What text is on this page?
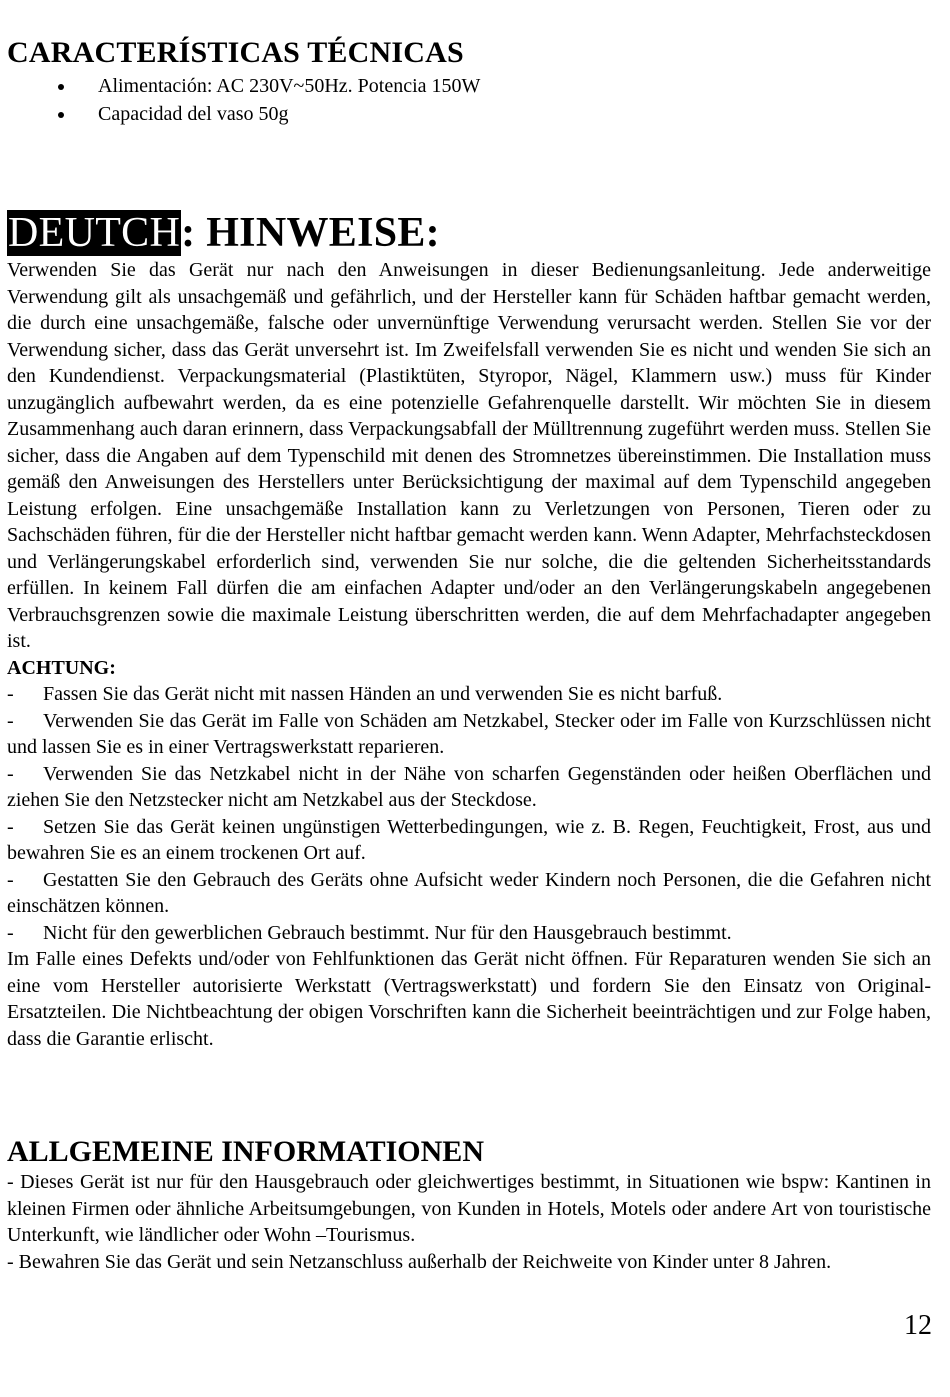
CARACTERÍSTICAS TÉCNICAS
Alimentación: AC 230V~50Hz. Potencia 150W
Capacidad del vaso 50g
DEUTCH: HINWEISE:

Verwenden Sie das Gerät nur nach den Anweisungen in dieser Bedienungsanleitung. Jede anderweitige Verwendung gilt als unsachgemäß und gefährlich, und der Hersteller kann für Schäden haftbar gemacht werden, die durch eine unsachgemäße, falsche oder unvernünftige Verwendung verursacht werden. Stellen Sie vor der Verwendung sicher, dass das Gerät unversehrt ist. Im Zweifelsfall verwenden Sie es nicht und wenden Sie sich an den Kundendienst. Verpackungsmaterial (Plastiktüten, Styropor, Nägel, Klammern usw.) muss für Kinder unzugänglich aufbewahrt werden, da es eine potenzielle Gefahrenquelle darstellt. Wir möchten Sie in diesem Zusammenhang auch daran erinnern, dass Verpackungsabfall der Mülltrennung zugeführt werden muss. Stellen Sie sicher, dass die Angaben auf dem Typenschild mit denen des Stromnetzes übereinstimmen. Die Installation muss gemäß den Anweisungen des Herstellers unter Berücksichtigung der maximal auf dem Typenschild angegeben Leistung erfolgen. Eine unsachgemäße Installation kann zu Verletzungen von Personen, Tieren oder zu Sachschäden führen, für die der Hersteller nicht haftbar gemacht werden kann. Wenn Adapter, Mehrfachsteckdosen und Verlängerungskabel erforderlich sind, verwenden Sie nur solche, die die geltenden Sicherheitsstandards erfüllen. In keinem Fall dürfen die am einfachen Adapter und/oder an den Verlängerungskabeln angegebenen Verbrauchsgrenzen sowie die maximale Leistung überschritten werden, die auf dem Mehrfachadapter angegeben ist.

ACHTUNG:

- Fassen Sie das Gerät nicht mit nassen Händen an und verwenden Sie es nicht barfuß.

- Verwenden Sie das Gerät im Falle von Schäden am Netzkabel, Stecker oder im Falle von Kurzschlüssen nicht und lassen Sie es in einer Vertragswerkstatt reparieren.

- Verwenden Sie das Netzkabel nicht in der Nähe von scharfen Gegenständen oder heißen Oberflächen und ziehen Sie den Netzstecker nicht am Netzkabel aus der Steckdose.

- Setzen Sie das Gerät keinen ungünstigen Wetterbedingungen, wie z. B. Regen, Feuchtigkeit, Frost, aus und bewahren Sie es an einem trockenen Ort auf.

- Gestatten Sie den Gebrauch des Geräts ohne Aufsicht weder Kindern noch Personen, die die Gefahren nicht einschätzen können.

- Nicht für den gewerblichen Gebrauch bestimmt. Nur für den Hausgebrauch bestimmt.

Im Falle eines Defekts und/oder von Fehlfunktionen das Gerät nicht öffnen. Für Reparaturen wenden Sie sich an eine vom Hersteller autorisierte Werkstatt (Vertragswerkstatt) und fordern Sie den Einsatz von Original-Ersatzteilen. Die Nichtbeachtung der obigen Vorschriften kann die Sicherheit beeinträchtigen und zur Folge haben, dass die Garantie erlischt.

ALLGEMEINE INFORMATIONEN

- Dieses Gerät ist nur für den Hausgebrauch oder gleichwertiges bestimmt, in Situationen wie bspw: Kantinen in kleinen Firmen oder ähnliche Arbeitsumgebungen, von Kunden in Hotels, Motels oder andere Art von touristische Unterkunft, wie ländlicher oder Wohn –Tourismus.

- Bewahren Sie das Gerät und sein Netzanschluss außerhalb der Reichweite von Kinder unter 8 Jahren.

12
